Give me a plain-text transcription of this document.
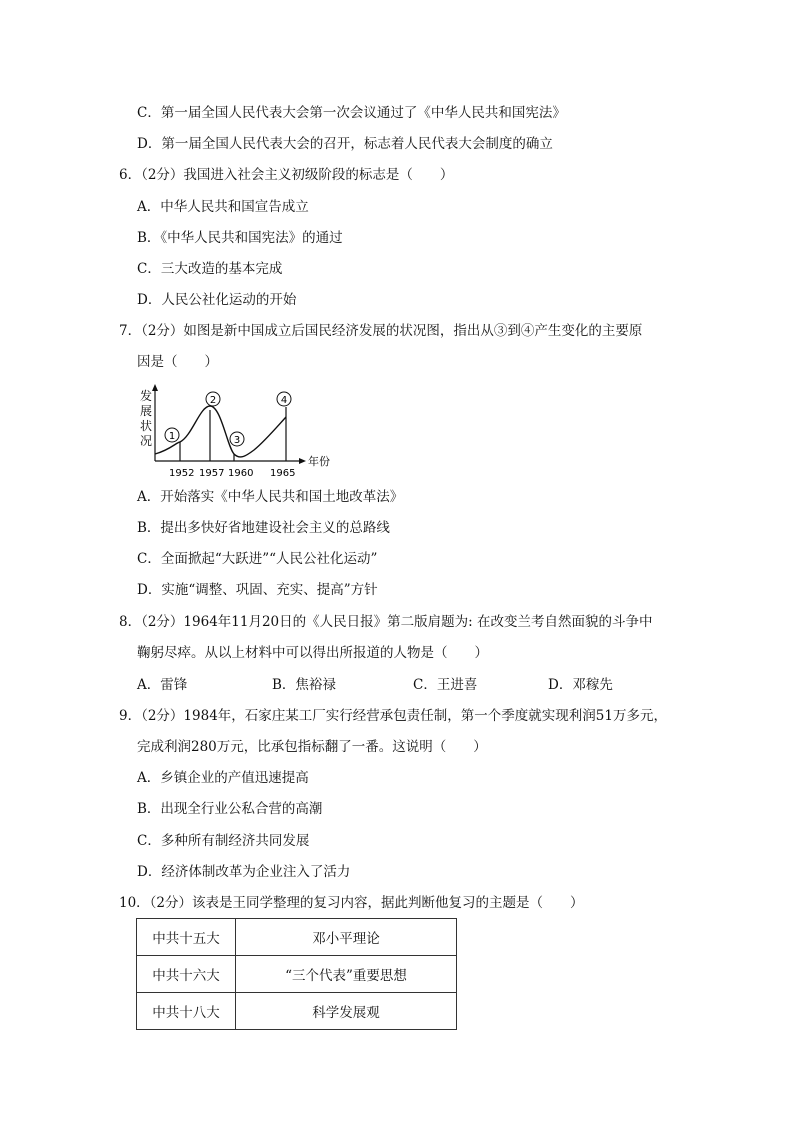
C．第一届全国人民代表大会第一次会议通过了《中华人民共和国宪法》
D．第一届全国人民代表大会的召开，标志着人民代表大会制度的确立
6．（2分）我国进入社会主义初级阶段的标志是（　　）
A．中华人民共和国宣告成立
B．《中华人民共和国宪法》的通过
C．三大改造的基本完成
D．人民公社化运动的开始
7．（2分）如图是新中国成立后国民经济发展的状况图，指出从③到④产生变化的主要原
因是（　　）
发
展
状
况
年份
1
2
3
4
1952 1957 1960 1965
A．开始落实《中华人民共和国土地改革法》
B．提出多快好省地建设社会主义的总路线
C．全面掀起“大跃进”“人民公社化运动”
D．实施“调整、巩固、充实、提高”方针
8．（2分）1964年11月20日的《人民日报》第二版肩题为: 在改变兰考自然面貌的斗争中
鞠躬尽瘁。从以上材料中可以得出所报道的人物是（　　）
A．雷锋	B．焦裕禄	C．王进喜	D．邓稼先
9．（2分）1984年，石家庄某工厂实行经营承包责任制，第一个季度就实现利润51万多元，
完成利润280万元，比承包指标翻了一番。这说明（　　）
A．乡镇企业的产值迅速提高
B．出现全行业公私合营的高潮
C．多种所有制经济共同发展
D．经济体制改革为企业注入了活力
10．（2分）该表是王同学整理的复习内容，据此判断他复习的主题是（　　）
中共十五大	邓小平理论
中共十六大	“三个代表”重要思想
中共十八大	科学发展观
